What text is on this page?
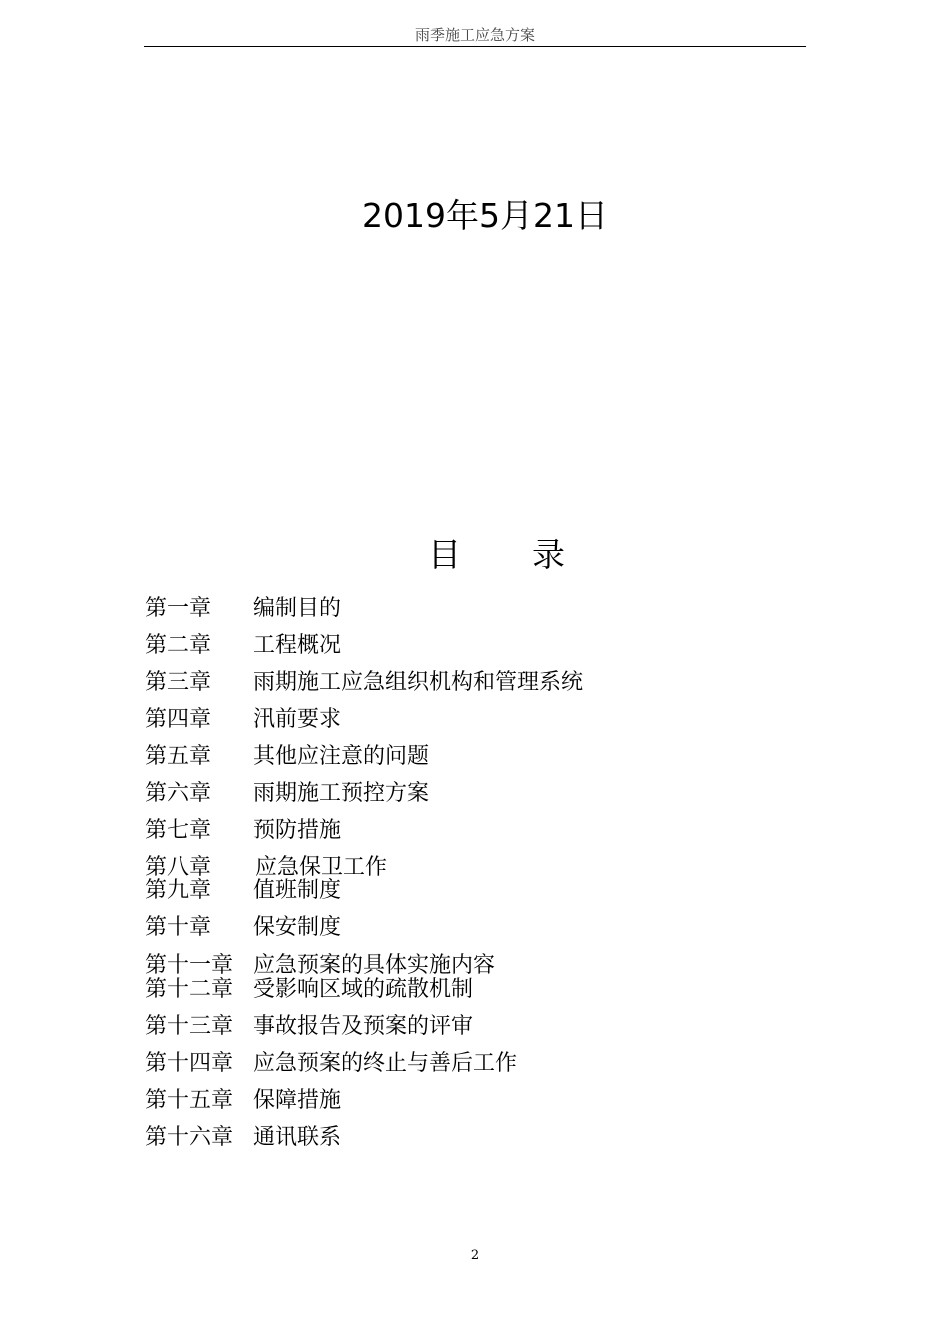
雨季施工应急方案
2019年5月21日
目 录
第一章 编制目的
第二章 工程概况
第三章 雨期施工应急组织机构和管理系统
第四章 汛前要求
第五章 其他应注意的问题
第六章 雨期施工预控方案
第七章 预防措施
第八章 应急保卫工作
第九章 值班制度
第十章 保安制度
第十一章 应急预案的具体实施内容
第十二章 受影响区域的疏散机制
第十三章 事故报告及预案的评审
第十四章 应急预案的终止与善后工作
第十五章 保障措施
第十六章 通讯联系
2
